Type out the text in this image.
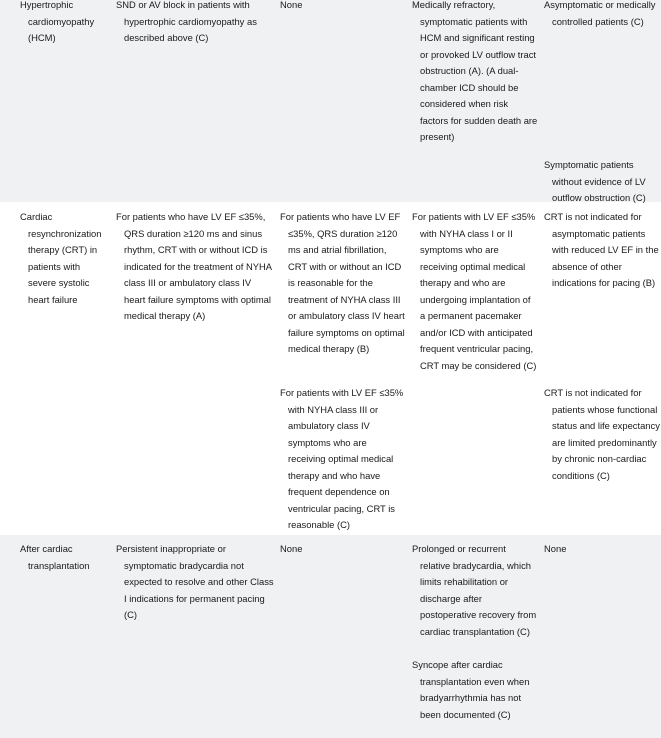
Hypertrophic cardiomyopathy (HCM)
SND or AV block in patients with hypertrophic cardiomyopathy as described above (C)
None	Medically refractory, symptomatic patients with HCM and significant resting or provoked LV outflow tract obstruction (A). (A dual-chamber ICD should be considered when risk factors for sudden death are present)
Asymptomatic or medically controlled patients (C)
Symptomatic patients without evidence of LV outflow obstruction (C)
Cardiac resynchronization therapy (CRT) in patients with severe systolic heart failure
For patients who have LV EF ≤35%, QRS duration ≥120 ms and sinus rhythm, CRT with or without ICD is indicated for the treatment of NYHA class III or ambulatory class IV heart failure symptoms with optimal medical therapy (A)
For patients who have LV EF ≤35%, QRS duration ≥120 ms and atrial fibrillation, CRT with or without an ICD is reasonable for the treatment of NYHA class III or ambulatory class IV heart failure symptoms on optimal medical therapy (B)
For patients with LV EF ≤35% with NYHA class III or ambulatory class IV symptoms who are receiving optimal medical therapy and who have frequent dependence on ventricular pacing, CRT is reasonable (C)
For patients with LV EF ≤35% with NYHA class I or II symptoms who are receiving optimal medical therapy and who are undergoing implantation of a permanent pacemaker and/or ICD with anticipated frequent ventricular pacing, CRT may be considered (C)
CRT is not indicated for asymptomatic patients with reduced LV EF in the absence of other indications for pacing (B)
CRT is not indicated for patients whose functional status and life expectancy are limited predominantly by chronic non-cardiac conditions (C)
After cardiac transplantation
Persistent inappropriate or symptomatic bradycardia not expected to resolve and other Class I indications for permanent pacing (C)
None	Prolonged or recurrent relative bradycardia, which limits rehabilitation or discharge after postoperative recovery from cardiac transplantation (C)
Syncope after cardiac transplantation even when bradyarrhythmia has not been documented (C)
None
